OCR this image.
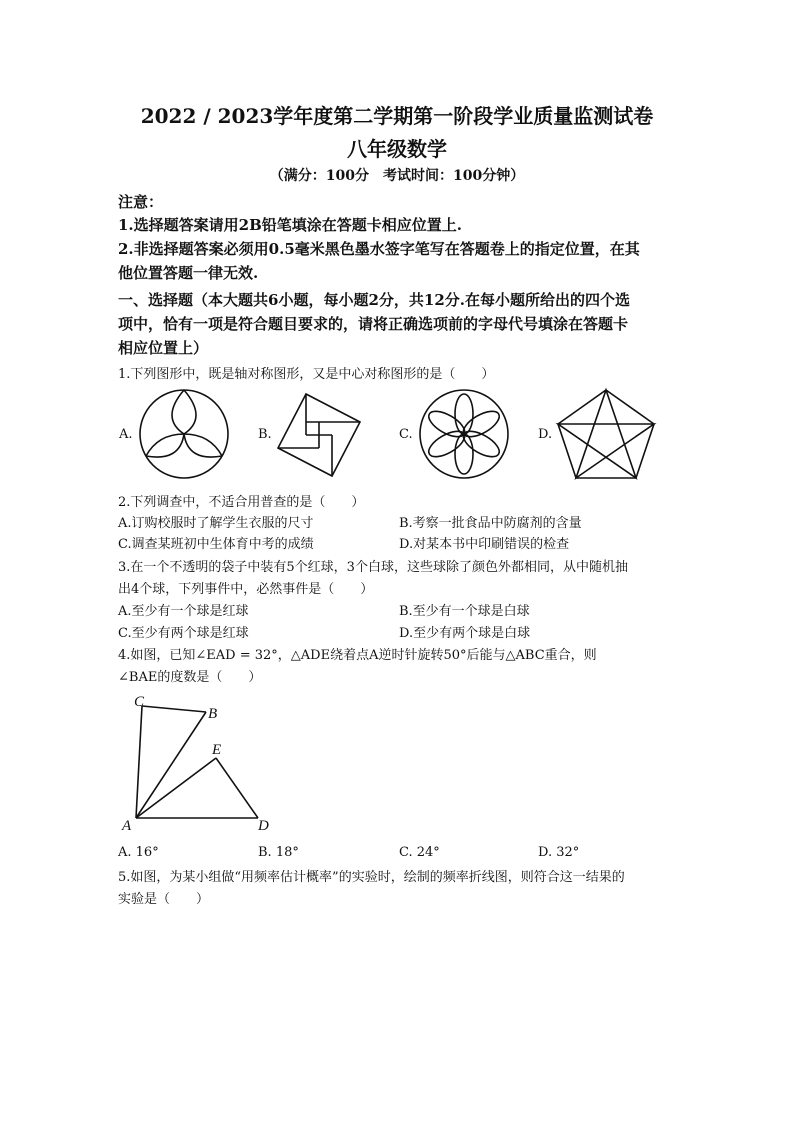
2022 / 2023学年度第二学期第一阶段学业质量监测试卷
八年级数学
（满分：100分　考试时间：100分钟）
注意：
1.选择题答案请用2B铅笔填涂在答题卡相应位置上.
2.非选择题答案必须用0.5毫米黑色墨水签字笔写在答题卷上的指定位置，在其
他位置答题一律无效.
一、选择题（本大题共6小题，每小题2分，共12分.在每小题所给出的四个选
项中，恰有一项是符合题目要求的，请将正确选项前的字母代号填涂在答题卡
相应位置上）
1.下列图形中，既是轴对称图形，又是中心对称图形的是（　　）
A.	B.	C.	D.
2.下列调查中，不适合用普查的是（　　）
A.订购校服时了解学生衣服的尺寸	B.考察一批食品中防腐剂的含量
C.调查某班初中生体育中考的成绩	D.对某本书中印刷错误的检查
3.在一个不透明的袋子中装有5个红球，3个白球，这些球除了颜色外都相同，从中随机抽
出4个球，下列事件中，必然事件是（　　）
A.至少有一个球是红球	B.至少有一个球是白球
C.至少有两个球是红球	D.至少有两个球是白球
4.如图，已知∠EAD = 32°，△ADE绕着点A逆时针旋转50°后能与△ABC重合，则
∠BAE的度数是（　　）
C
B
E
A	D
A. 16°	B. 18°	C. 24°	D. 32°
5.如图，为某小组做“用频率估计概率”的实验时，绘制的频率折线图，则符合这一结果的
实验是（　　）
